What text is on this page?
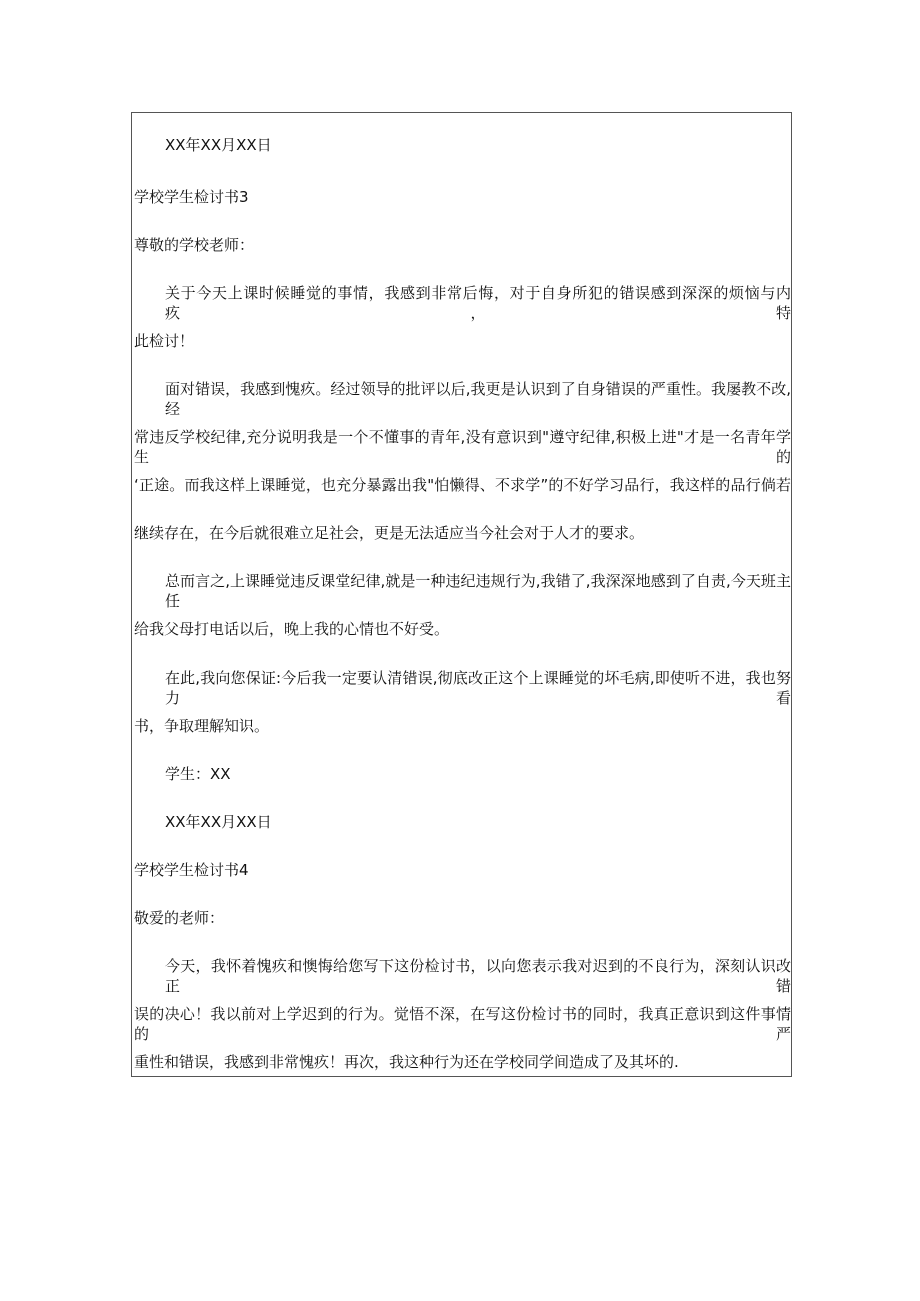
XX年XX月XX日
学校学生检讨书3
尊敬的学校老师：
关于今天上课时候睡觉的事情，我感到非常后悔，对于自身所犯的错误感到深深的烦恼与内疚，特
此检讨！
面对错误，我感到愧疚。经过领导的批评以后,我更是认识到了自身错误的严重性。我屡教不改,经
常违反学校纪律,充分说明我是一个不懂事的青年,没有意识到"遵守纪律,积极上进"才是一名青年学生的
‘正途。而我这样上课睡觉，也充分暴露出我"怕懒得、不求学”的不好学习品行，我这样的品行倘若
继续存在，在今后就很难立足社会，更是无法适应当今社会对于人才的要求。
总而言之,上课睡觉违反课堂纪律,就是一种违纪违规行为,我错了,我深深地感到了自责,今天班主任
给我父母打电话以后，晚上我的心情也不好受。
在此,我向您保证:今后我一定要认清错误,彻底改正这个上课睡觉的坏毛病,即使听不进，我也努力看
书，争取理解知识。
学生：XX
XX年XX月XX日
学校学生检讨书4
敬爱的老师：
今天，我怀着愧疚和懊悔给您写下这份检讨书，以向您表示我对迟到的不良行为，深刻认识改正错
误的决心！我以前对上学迟到的行为。觉悟不深，在写这份检讨书的同时，我真正意识到这件事情的严
重性和错误，我感到非常愧疚！再次，我这种行为还在学校同学间造成了及其坏的.
